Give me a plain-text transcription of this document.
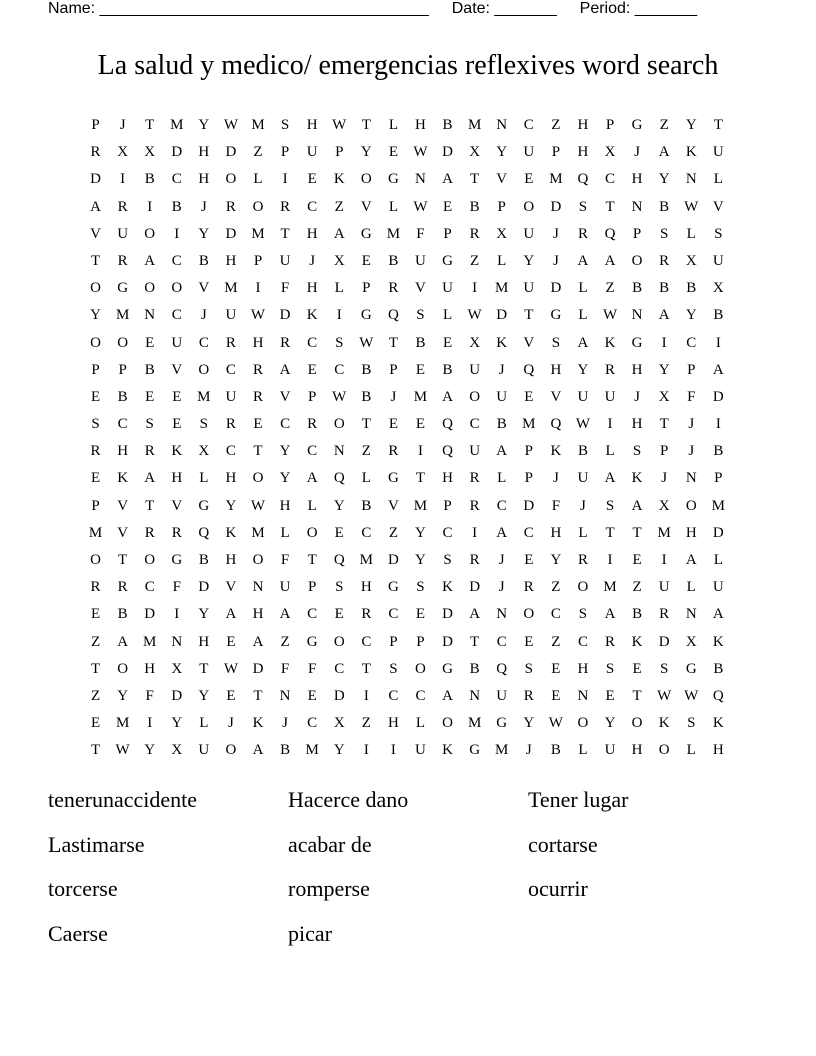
Name: _____________________________________ Date: _______ Period: _______
La salud y medico/ emergencias reflexives word search
P	J	T	M Y W M	S	H W	T	L	H	B	M N	C	Z	H	P	G	Z	Y	T
R	X	X	D	H	D	Z	P	U	P	Y	E	W D	X	Y	U	P	H	X	J	A	K	U
D	I	B	C	H	O	L	I	E	K	O	G	N	A	T	V	E	M Q	C	H	Y	N	L
A	R	I	B	J	R	O	R	C	Z	V	L	W	E	B	P	O	D	S	T	N	B W V
V	U	O	I	Y	D M	T	H	A	G M	F	P	R	X	U	J	R	Q	P	S	L	S
T	R	A	C	B	H	P	U	J	X	E	B	U	G	Z	L	Y	J	A	A	O	R	X	U
O	G	O	O	V M	I	F	H	L	P	R	V	U	I	M U	D	L	Z	B	B	B	X
Y M N	C	J	U W D	K	I	G	Q	S	L	W D	T	G	L	W N	A	Y	B
O	O	E	U	C	R	H	R	C	S	W	T	B	E	X	K	V	S	A	K	G	I	C	I
P	P	B	V	O	C	R	A	E	C	B	P	E	B	U	J	Q	H	Y	R	H	Y	P	A
E	B	E	E	M U	R	V	P	W B	J	M A	O	U	E	V	U	U	J	X	F	D
S	C	S	E	S	R	E	C	R	O	T	E	E	Q	C	B	M Q W	I	H	T	J	I
R	H	R	K	X	C	T	Y	C	N	Z	R	I	Q	U	A	P	K	B	L	S	P	J	B
E	K	A	H	L	H	O	Y	A	Q	L	G	T	H	R	L	P	J	U	A	K	J	N	P
P	V	T	V	G	Y W H	L	Y	B	V M	P	R	C	D	F	J	S	A	X	O M
M V	R	R	Q	K M	L	O	E	C	Z	Y	C	I	A	C	H	L	T	T	M H	D
O	T	O	G	B	H	O	F	T	Q M D	Y	S	R	J	E	Y	R	I	E	I	A	L
R	R	C	F	D	V	N	U	P	S	H	G	S	K	D	J	R	Z	O M	Z	U	L	U
E	B	D	I	Y	A	H	A	C	E	R	C	E	D	A	N	O	C	S	A	B	R	N	A
Z	A M N	H	E	A	Z	G	O	C	P	P	D	T	C	E	Z	C	R	K	D	X	K
T	O	H	X	T	W D	F	F	C	T	S	O	G	B	Q	S	E	H	S	E	S	G	B
Z	Y	F	D	Y	E	T	N	E	D	I	C	C	A	N	U	R	E	N	E	T	W W Q
E	M	I	Y	L	J	K	J	C	X	Z	H	L	O M G	Y W O	Y	O	K	S	K
T	W Y	X	U	O	A	B	M Y	I	I	U	K	G M	J	B	L	U	H	O	L	H
tenerunaccidente	Hacerce dano	Tener lugar
Lastimarse	acabar de	cortarse
torcerse	romperse	ocurrir
Caerse	picar
